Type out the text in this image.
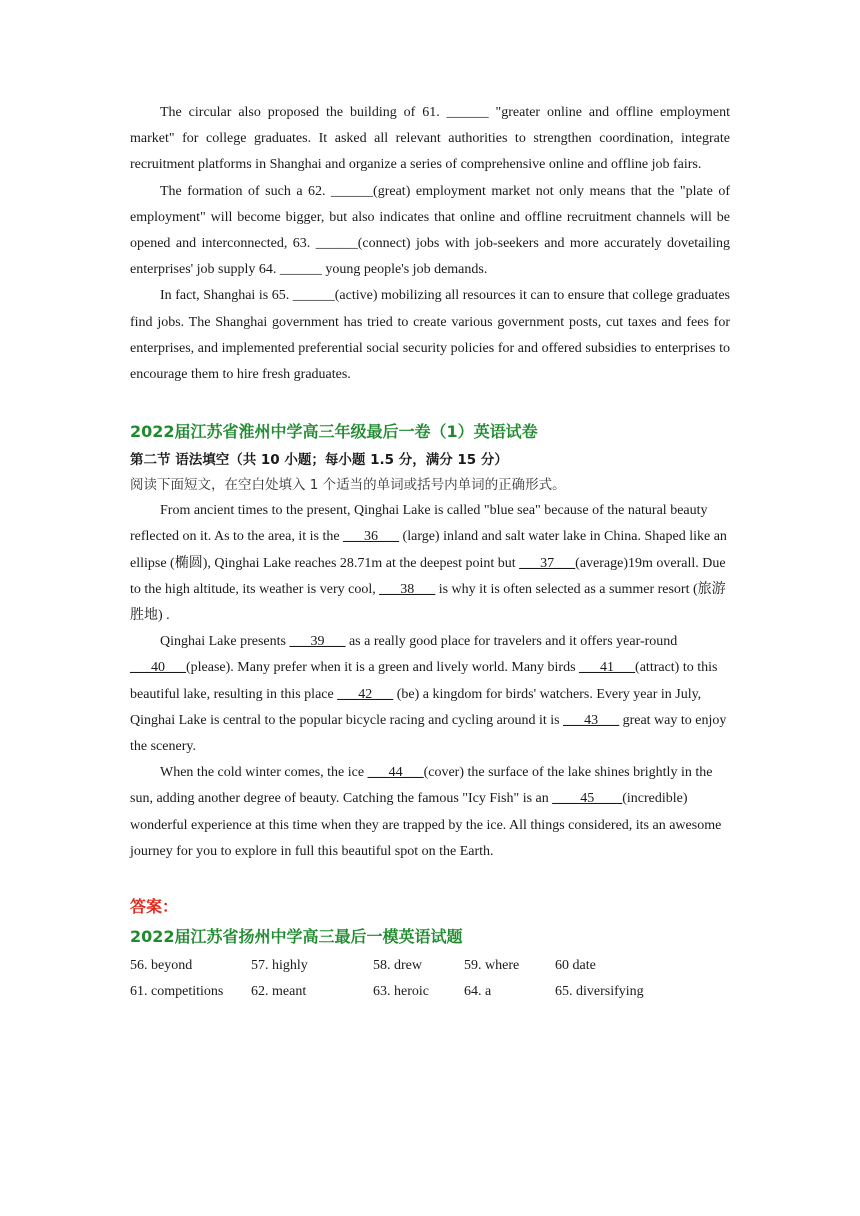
The circular also proposed the building of 61. ______ "greater online and offline employment market" for college graduates. It asked all relevant authorities to strengthen coordination, integrate recruitment platforms in Shanghai and organize a series of comprehensive online and offline job fairs.

The formation of such a 62. ______(great) employment market not only means that the "plate of employment" will become bigger, but also indicates that online and offline recruitment channels will be opened and interconnected, 63. ______(connect) jobs with job-seekers and more accurately dovetailing enterprises' job supply 64. ______ young people's job demands.

In fact, Shanghai is 65. ______(active) mobilizing all resources it can to ensure that college graduates find jobs. The Shanghai government has tried to create various government posts, cut taxes and fees for enterprises, and implemented preferential social security policies for and offered subsidies to enterprises to encourage them to hire fresh graduates.

2022届江苏省淮州中学高三年级最后一卷（1）英语试卷

第二节 语法填空（共 10 小题；每小题 1.5 分，满分 15 分）

阅读下面短文，在空白处填入 1 个适当的单词或括号内单词的正确形式。

From ancient times to the present, Qinghai Lake is called "blue sea" because of the natural beauty reflected on it. As to the area, it is the ___36___ (large) inland and salt water lake in China. Shaped like an ellipse (椭圆), Qinghai Lake reaches 28.71m at the deepest point but ___37___(average)19m overall. Due to the high altitude, its weather is very cool, ___38___ is why it is often selected as a summer resort (旅游胜地) .

Qinghai Lake presents ___39___ as a really good place for travelers and it offers year-round ___40___(please). Many prefer when it is a green and lively world. Many birds ___41___(attract) to this beautiful lake, resulting in this place ___42___ (be) a kingdom for birds' watchers. Every year in July, Qinghai Lake is central to the popular bicycle racing and cycling around it is ___43___ great way to enjoy the scenery.

When the cold winter comes, the ice ___44___(cover) the surface of the lake shines brightly in the sun, adding another degree of beauty. Catching the famous "Icy Fish" is an ____45____(incredible) wonderful experience at this time when they are trapped by the ice. All things considered, its an awesome journey for you to explore in full this beautiful spot on the Earth.

答案：

2022届江苏省扬州中学高三最后一模英语试题

56. beyond	57. highly	58. drew	59. where	60 date
61. competitions	62. meant	63. heroic	64. a	65. diversifying
